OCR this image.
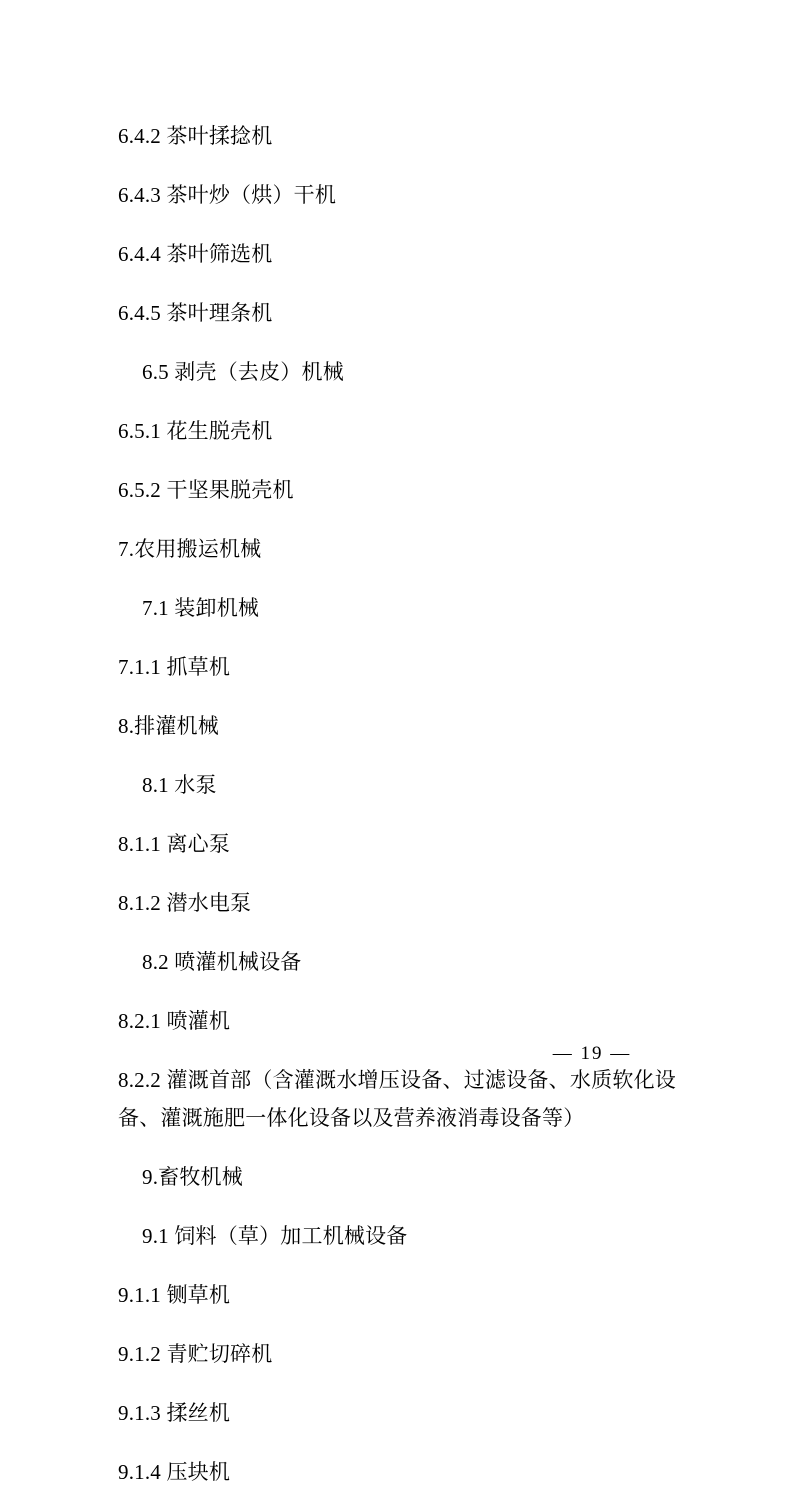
6.4.2 茶叶揉捻机

6.4.3 茶叶炒（烘）干机

6.4.4 茶叶筛选机

6.4.5 茶叶理条机

6.5 剥壳（去皮）机械

6.5.1 花生脱壳机

6.5.2 干坚果脱壳机

7.农用搬运机械

7.1 装卸机械

7.1.1 抓草机

8.排灌机械

8.1 水泵

8.1.1 离心泵

8.1.2 潜水电泵

8.2 喷灌机械设备

8.2.1 喷灌机

8.2.2 灌溉首部（含灌溉水增压设备、过滤设备、水质软化设备、灌溉施肥一体化设备以及营养液消毒设备等）

9.畜牧机械

9.1 饲料（草）加工机械设备

9.1.1 铡草机

9.1.2 青贮切碎机

9.1.3 揉丝机

9.1.4 压块机

— 19 —
